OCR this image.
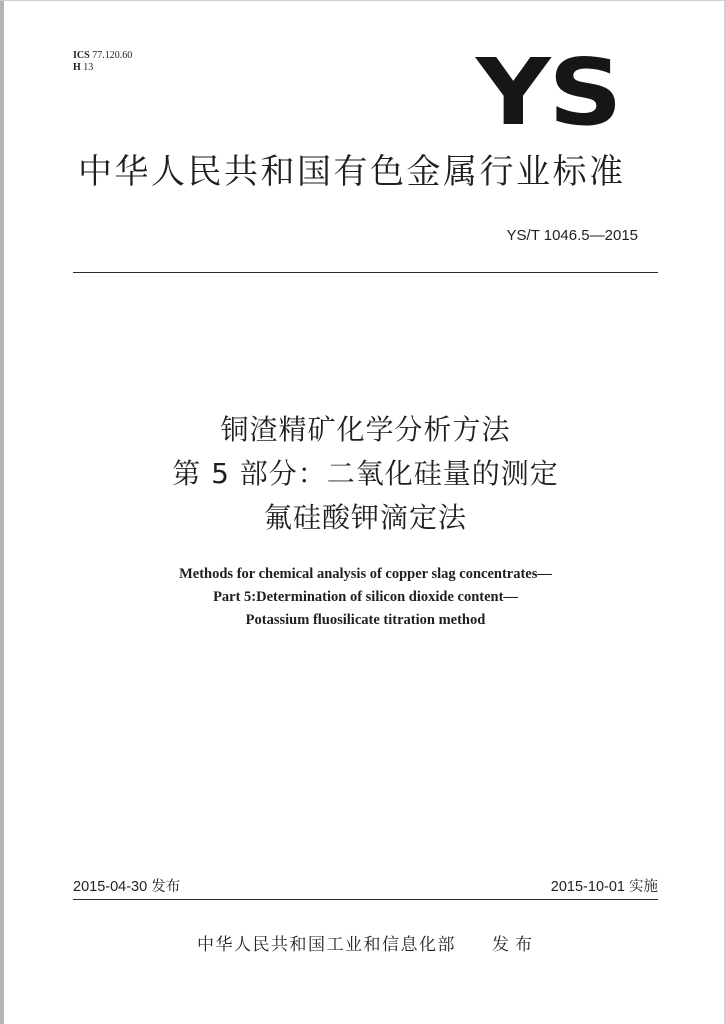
ICS 77.120.60
H 13	YS
中华人民共和国有色金属行业标准
YS/T 1046.5—2015
铜渣精矿化学分析方法
第 5 部分：二氧化硅量的测定
氟硅酸钾滴定法
Methods for chemical analysis of copper slag concentrates—
Part 5:Determination of silicon dioxide content—
Potassium fluosilicate titration method
2015-04-30 发布	2015-10-01 实施
中华人民共和国工业和信息化部 发布
